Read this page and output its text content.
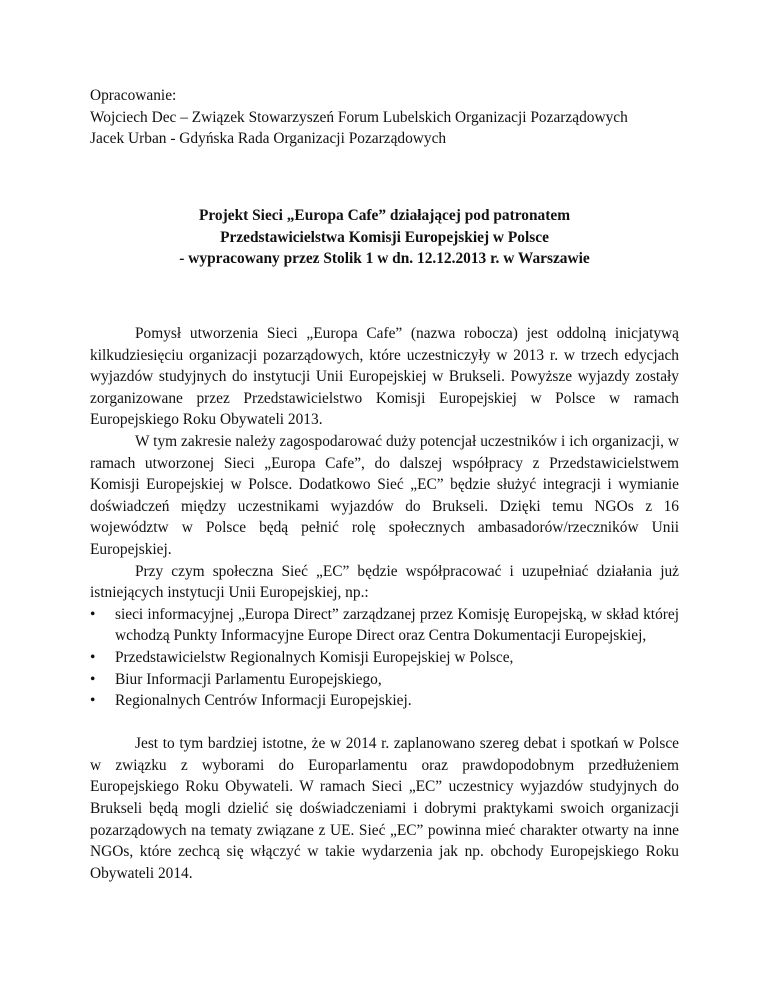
Opracowanie:
Wojciech Dec – Związek Stowarzyszeń Forum Lubelskich Organizacji Pozarządowych
Jacek Urban - Gdyńska Rada Organizacji Pozarządowych
Projekt Sieci „Europa Cafe” działającej pod patronatem
Przedstawicielstwa Komisji Europejskiej w Polsce
- wypracowany przez Stolik 1 w dn. 12.12.2013 r. w Warszawie

Pomysł utworzenia Sieci „Europa Cafe” (nazwa robocza) jest oddolną inicjatywą kilkudziesięciu organizacji pozarządowych, które uczestniczyły w 2013 r. w trzech edycjach wyjazdów studyjnych do instytucji Unii Europejskiej w Brukseli. Powyższe wyjazdy zostały zorganizowane przez Przedstawicielstwo Komisji Europejskiej w Polsce w ramach Europejskiego Roku Obywateli 2013.

W tym zakresie należy zagospodarować duży potencjał uczestników i ich organizacji, w ramach utworzonej Sieci „Europa Cafe”, do dalszej współpracy z Przedstawicielstwem Komisji Europejskiej w Polsce. Dodatkowo Sieć „EC” będzie służyć integracji i wymianie doświadczeń między uczestnikami wyjazdów do Brukseli. Dzięki temu NGOs z 16 województw w Polsce będą pełnić rolę społecznych ambasadorów/rzeczników Unii Europejskiej.

Przy czym społeczna Sieć „EC” będzie współpracować i uzupełniać działania już istniejących instytucji Unii Europejskiej, np.:

•	sieci informacyjnej „Europa Direct” zarządzanej przez Komisję Europejską, w skład której wchodzą Punkty Informacyjne Europe Direct oraz Centra Dokumentacji Europejskiej,
•	Przedstawicielstw Regionalnych Komisji Europejskiej w Polsce,
•	Biur Informacji Parlamentu Europejskiego,
•	Regionalnych Centrów Informacji Europejskiej.

Jest to tym bardziej istotne, że w 2014 r. zaplanowano szereg debat i spotkań w Polsce w związku z wyborami do Europarlamentu oraz prawdopodobnym przedłużeniem Europejskiego Roku Obywateli. W ramach Sieci „EC” uczestnicy wyjazdów studyjnych do Brukseli będą mogli dzielić się doświadczeniami i dobrymi praktykami swoich organizacji pozarządowych na tematy związane z UE. Sieć „EC” powinna mieć charakter otwarty na inne NGOs, które zechcą się włączyć w takie wydarzenia jak np. obchody Europejskiego Roku Obywateli 2014.
